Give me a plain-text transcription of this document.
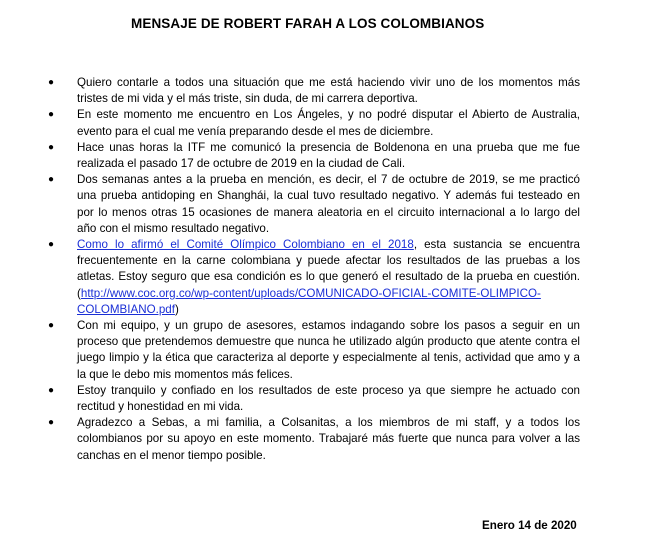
MENSAJE DE ROBERT FARAH A LOS COLOMBIANOS
●	Quiero contarle a todos una situación que me está haciendo vivir uno de los momentos más tristes de mi vida y el más triste, sin duda, de mi carrera deportiva.
●	En este momento me encuentro en Los Ángeles, y no podré disputar el Abierto de Australia, evento para el cual me venía preparando desde el mes de diciembre.
●	Hace unas horas la ITF me comunicó la presencia de Boldenona en una prueba que me fue realizada el pasado 17 de octubre de 2019 en la ciudad de Cali.
●	Dos semanas antes a la prueba en mención, es decir, el 7 de octubre de 2019, se me practicó una prueba antidoping en Shanghái, la cual tuvo resultado negativo. Y además fui testeado en por lo menos otras 15 ocasiones de manera aleatoria en el circuito internacional a lo largo del año con el mismo resultado negativo.
●	Como lo afirmó el Comité Olímpico Colombiano en el 2018, esta sustancia se encuentra frecuentemente en la carne colombiana y puede afectar los resultados de las pruebas a los atletas. Estoy seguro que esa condición es lo que generó el resultado de la prueba en cuestión.(http://www.coc.org.co/wp-content/uploads/COMUNICADO-OFICIAL-COMITE-OLIMPICO-COLOMBIANO.pdf)
●	Con mi equipo, y un grupo de asesores, estamos indagando sobre los pasos a seguir en un proceso que pretendemos demuestre que nunca he utilizado algún producto que atente contra el juego limpio y la ética que caracteriza al deporte y especialmente al tenis, actividad que amo y a la que le debo mis momentos más felices.
●	Estoy tranquilo y confiado en los resultados de este proceso ya que siempre he actuado con rectitud y honestidad en mi vida.
●	Agradezco a Sebas, a mi familia, a Colsanitas, a los miembros de mi staff, y a todos los colombianos por su apoyo en este momento. Trabajaré más fuerte que nunca para volver a las canchas en el menor tiempo posible.
Enero 14 de 2020
